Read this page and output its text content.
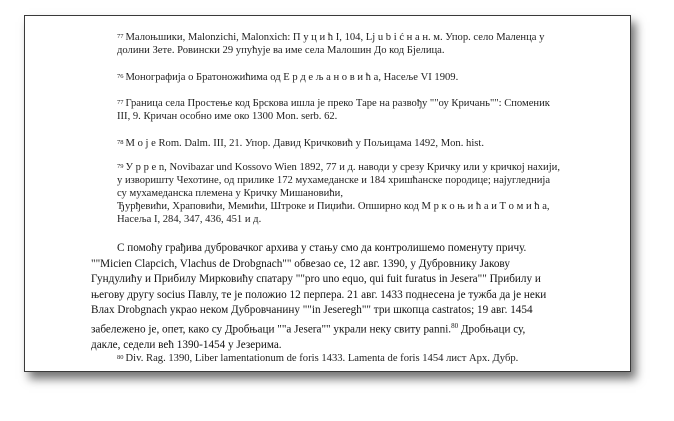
$^{77}$ Малоњшики, Malonzichi, Malonxich: П у ц и ћ I, 104, Lj u b i ć н а н. м. Упор. село Маленца у
долини Зете. Ровински 29 упућује ва име села Малошин До код Бјелица.
$^{76}$ Монографија о Братоножићима од Е р д е љ а н о в и ћ а, Насеље VI 1909.
$^{77}$ Граница села Простење код Брскова ишла је преко Таре на развођу ""оу Кричань"": Споменик
III, 9. Кричан особно име око 1300 Mon. serb. 62.
$^{78}$ М о ј е Rom. Dalm. III, 21. Упор. Давид Кричковић у Пољицама 1492, Mon. hist.
$^{79}$ У р р е n, Novibazar und Kossovo Wien 1892, 77 и д. наводи у срезу Кричку или у кричкој нахији,
у изворишту Чехотине, од прилике 172 мухамеданске и 184 хришћанске породице; најугледнија
су мухамеданска племена у Кричку Мишановићи,
Ђурђевићи, Храповићи, Мемићи, Штроке и Пиџићи. Опширно код М р к о њ и ћ а и Т о м и ћ а,
Насеља I, 284, 347, 436, 451 и д.
С помоћу грађива дубровачког архива у стању смо да контролишемо поменуту причу.
""Micien Clapcich, Vlachus de Drobgnach"" обвезао се, 12 авг. 1390, у Дубровнику Јакову
Гундулићу и Прибилу Мирковићу спатару ""pro uno equo, qui fuit furatus in Jesera"" Прибилу и
његову другу socius Павлу, те је положио 12 перпера. 21 авг. 1433 поднесена је тужба да је неки
Влах Drobgnach украо неком Дубровчанину ""in Jeseregh"" три шкопца castratos; 19 авг. 1454
забележено је, опет, како су Дробњаци ""a Jesera"" украли неку свиту panni.$^{80}$ Дробњаци су,
дакле, седели већ 1390-1454 у Језерима.
$^{80}$ Div. Rag. 1390, Liber lamentationum de foris 1433. Lamenta de foris 1454 лист Арх. Дубр.
